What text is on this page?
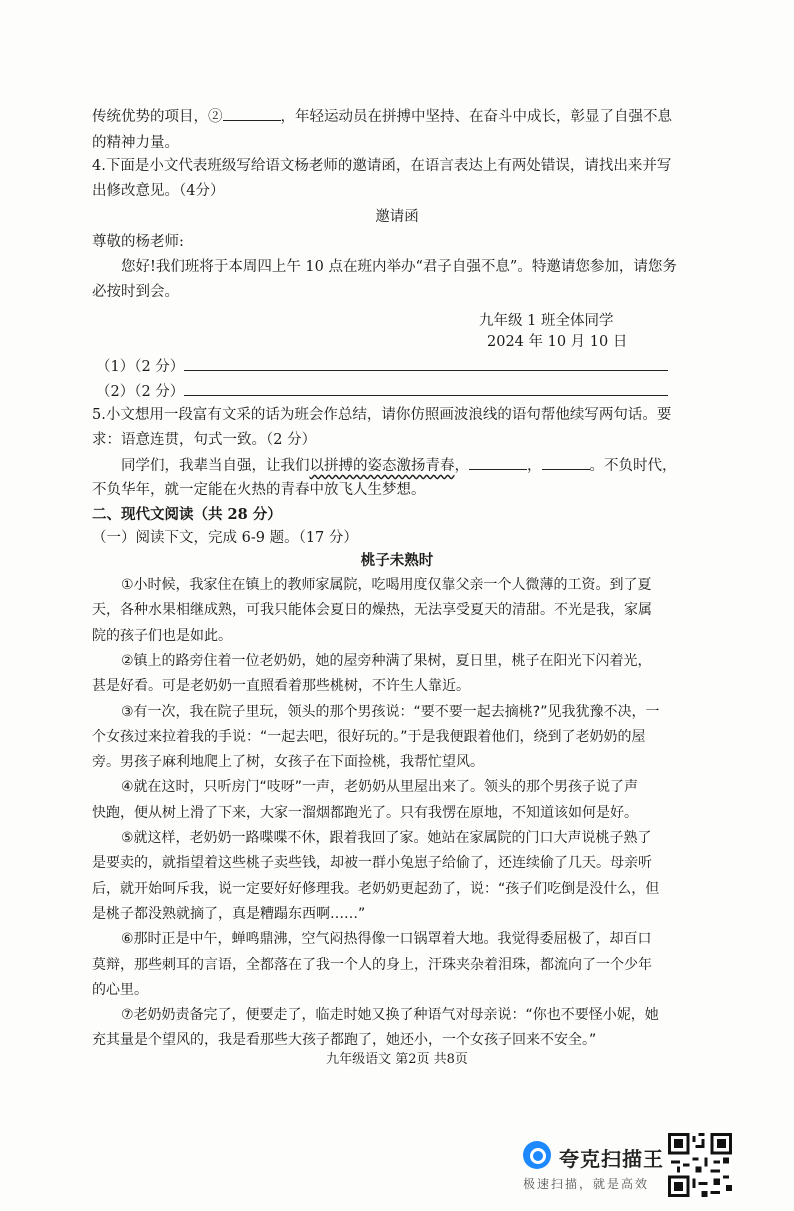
传统优势的项目，②	，年轻运动员在拼搏中坚持、在奋斗中成长，彰显了自强不息
的精神力量。
4.下面是小文代表班级写给语文杨老师的邀请函，在语言表达上有两处错误，请找出来并写
出修改意见。（4分）
邀请函
尊敬的杨老师:
您好!我们班将于本周四上午 10 点在班内举办“君子自强不息”。特邀请您参加，请您务
必按时到会。
九年级 1 班全体同学
2024 年 10 月 10 日
（1）（2 分）
（2）（2 分）
5.小文想用一段富有文采的话为班会作总结，请你仿照画波浪线的语句帮他续写两句话。要
求：语意连贯，句式一致。（2 分）
同学们，我辈当自强，让我们以拼搏的姿态激扬青春，	，	。不负时代，
不负华年，就一定能在火热的青春中放飞人生梦想。
二、现代文阅读（共 28 分）
（一）阅读下文，完成 6-9 题。（17 分）
桃子未熟时
①小时候，我家住在镇上的教师家属院，吃喝用度仅靠父亲一个人微薄的工资。到了夏
天，各种水果相继成熟，可我只能体会夏日的燥热，无法享受夏天的清甜。不光是我，家属
院的孩子们也是如此。
②镇上的路旁住着一位老奶奶，她的屋旁种满了果树，夏日里，桃子在阳光下闪着光，
甚是好看。可是老奶奶一直照看着那些桃树，不许生人靠近。
③有一次，我在院子里玩，领头的那个男孩说：“要不要一起去摘桃?”见我犹豫不决，一
个女孩过来拉着我的手说：“一起去吧，很好玩的。”于是我便跟着他们，绕到了老奶奶的屋
旁。男孩子麻利地爬上了树，女孩子在下面捡桃，我帮忙望风。
④就在这时，只听房门“吱呀”一声，老奶奶从里屋出来了。领头的那个男孩子说了声
快跑，便从树上滑了下来，大家一溜烟都跑光了。只有我愣在原地，不知道该如何是好。
⑤就这样，老奶奶一路喋喋不休，跟着我回了家。她站在家属院的门口大声说桃子熟了
是要卖的，就指望着这些桃子卖些钱，却被一群小兔崽子给偷了，还连续偷了几天。母亲听
后，就开始呵斥我，说一定要好好修理我。老奶奶更起劲了，说：“孩子们吃倒是没什么，但
是桃子都没熟就摘了，真是糟蹋东西啊……”
⑥那时正是中午，蝉鸣鼎沸，空气闷热得像一口锅罩着大地。我觉得委屈极了，却百口
莫辩，那些刺耳的言语，全都落在了我一个人的身上，汗珠夹杂着泪珠，都流向了一个少年
的心里。
⑦老奶奶责备完了，便要走了，临走时她又换了种语气对母亲说：“你也不要怪小妮，她
充其量是个望风的，我是看那些大孩子都跑了，她还小，一个女孩子回来不安全。”
九年级语文 第2页 共8页
夸克扫描王
极速扫描，就是高效
